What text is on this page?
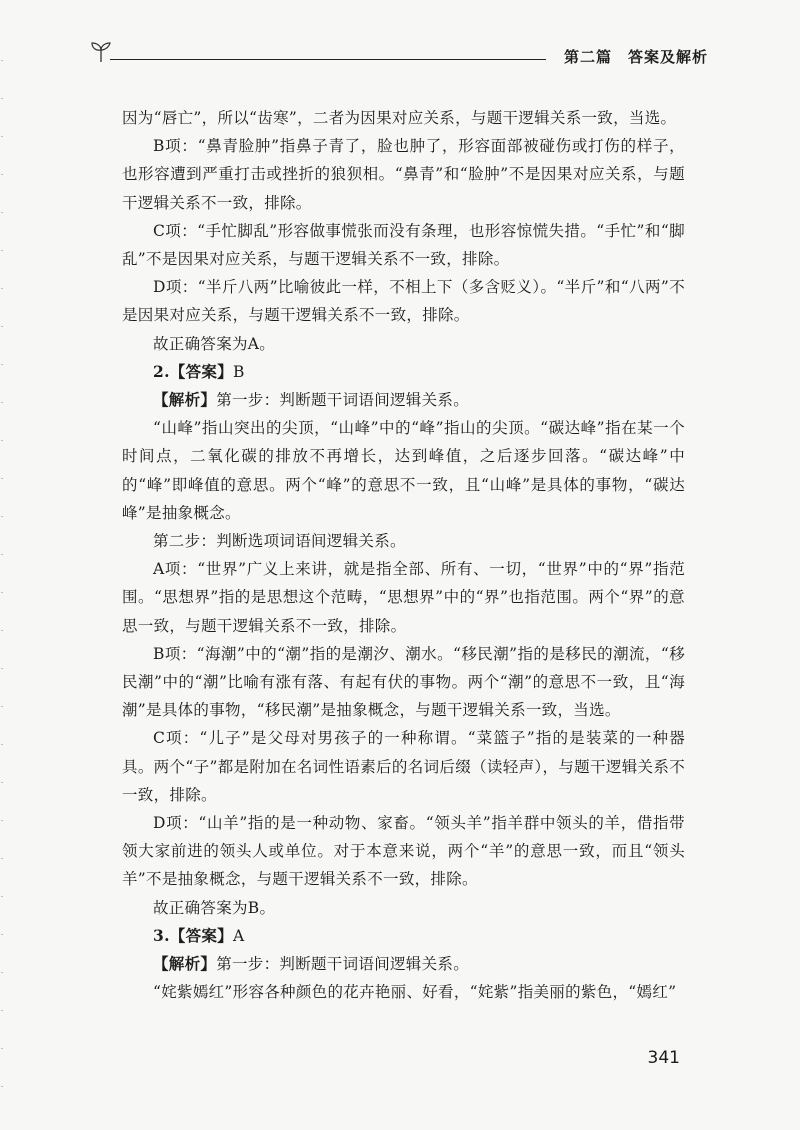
第二篇　答案及解析

因为“唇亡”，所以“齿寒”，二者为因果对应关系，与题干逻辑关系一致，当选。

B项：“鼻青脸肿”指鼻子青了，脸也肿了，形容面部被碰伤或打伤的样子，也形容遭到严重打击或挫折的狼狈相。“鼻青”和“脸肿”不是因果对应关系，与题干逻辑关系不一致，排除。

C项：“手忙脚乱”形容做事慌张而没有条理，也形容惊慌失措。“手忙”和“脚乱”不是因果对应关系，与题干逻辑关系不一致，排除。

D项：“半斤八两”比喻彼此一样，不相上下（多含贬义）。“半斤”和“八两”不是因果对应关系，与题干逻辑关系不一致，排除。

故正确答案为A。

2.【答案】B

【解析】第一步：判断题干词语间逻辑关系。

“山峰”指山突出的尖顶，“山峰”中的“峰”指山的尖顶。“碳达峰”指在某一个时间点，二氧化碳的排放不再增长，达到峰值，之后逐步回落。“碳达峰”中的“峰”即峰值的意思。两个“峰”的意思不一致，且“山峰”是具体的事物，“碳达峰”是抽象概念。

第二步：判断选项词语间逻辑关系。

A项：“世界”广义上来讲，就是指全部、所有、一切，“世界”中的“界”指范围。“思想界”指的是思想这个范畴，“思想界”中的“界”也指范围。两个“界”的意思一致，与题干逻辑关系不一致，排除。

B项：“海潮”中的“潮”指的是潮汐、潮水。“移民潮”指的是移民的潮流，“移民潮”中的“潮”比喻有涨有落、有起有伏的事物。两个“潮”的意思不一致，且“海潮”是具体的事物，“移民潮”是抽象概念，与题干逻辑关系一致，当选。

C项：“儿子”是父母对男孩子的一种称谓。“菜篮子”指的是装菜的一种器具。两个“子”都是附加在名词性语素后的名词后缀（读轻声），与题干逻辑关系不一致，排除。

D项：“山羊”指的是一种动物、家畜。“领头羊”指羊群中领头的羊，借指带领大家前进的领头人或单位。对于本意来说，两个“羊”的意思一致，而且“领头羊”不是抽象概念，与题干逻辑关系不一致，排除。

故正确答案为B。

3.【答案】A

【解析】第一步：判断题干词语间逻辑关系。

“姹紫嫣红”形容各种颜色的花卉艳丽、好看，“姹紫”指美丽的紫色，“嫣红”

341
